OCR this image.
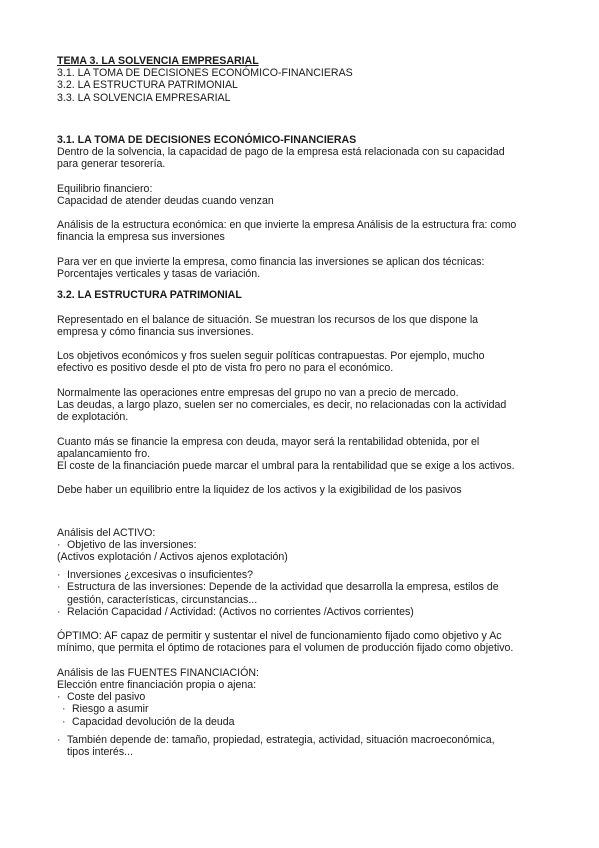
TEMA 3. LA SOLVENCIA EMPRESARIAL
3.1. LA TOMA DE DECISIONES ECONÓMICO-FINANCIERAS
3.2. LA ESTRUCTURA PATRIMONIAL
3.3. LA SOLVENCIA EMPRESARIAL
3.1. LA TOMA DE DECISIONES ECONÓMICO-FINANCIERAS
Dentro de la solvencia, la capacidad de pago de la empresa está relacionada con su capacidad
para generar tesorería.
Equilibrio financiero:
Capacidad de atender deudas cuando venzan
Análisis de la estructura económica: en que invierte la empresa Análisis de la estructura fra: como
financia la empresa sus inversiones
Para ver en que invierte la empresa, como financia las inversiones se aplican dos técnicas:
Porcentajes verticales y tasas de variación.
3.2. LA ESTRUCTURA PATRIMONIAL
Representado en el balance de situación. Se muestran los recursos de los que dispone la
empresa y cómo financia sus inversiones.
Los objetivos económicos y fros suelen seguir políticas contrapuestas. Por ejemplo, mucho
efectivo es positivo desde el pto de vista fro pero no para el económico.
Normalmente las operaciones entre empresas del grupo no van a precio de mercado.
Las deudas, a largo plazo, suelen ser no comerciales, es decir, no relacionadas con la actividad
de explotación.
Cuanto más se financie la empresa con deuda, mayor será la rentabilidad obtenida, por el
apalancamiento fro.
El coste de la financiación puede marcar el umbral para la rentabilidad que se exige a los activos.
Debe haber un equilibrio entre la liquidez de los activos y la exigibilidad de los pasivos
Análisis del ACTIVO:
· Objetivo de las inversiones:
(Activos explotación / Activos ajenos explotación)
· Inversiones ¿excesivas o insuficientes?
· Estructura de las inversiones: Depende de la actividad que desarrolla la empresa, estilos de
gestión, características, circunstancias...
· Relación Capacidad / Actividad: (Activos no corrientes /Activos corrientes)
ÓPTIMO: AF capaz de permitir y sustentar el nivel de funcionamiento fijado como objetivo y Ac
mínimo, que permita el óptimo de rotaciones para el volumen de producción fijado como objetivo.
Análisis de las FUENTES FINANCIACIÓN:
Elección entre financiación propia o ajena:
· Coste del pasivo
· Riesgo a asumir
· Capacidad devolución de la deuda
· También depende de: tamaño, propiedad, estrategia, actividad, situación macroeconómica,
tipos interés...
